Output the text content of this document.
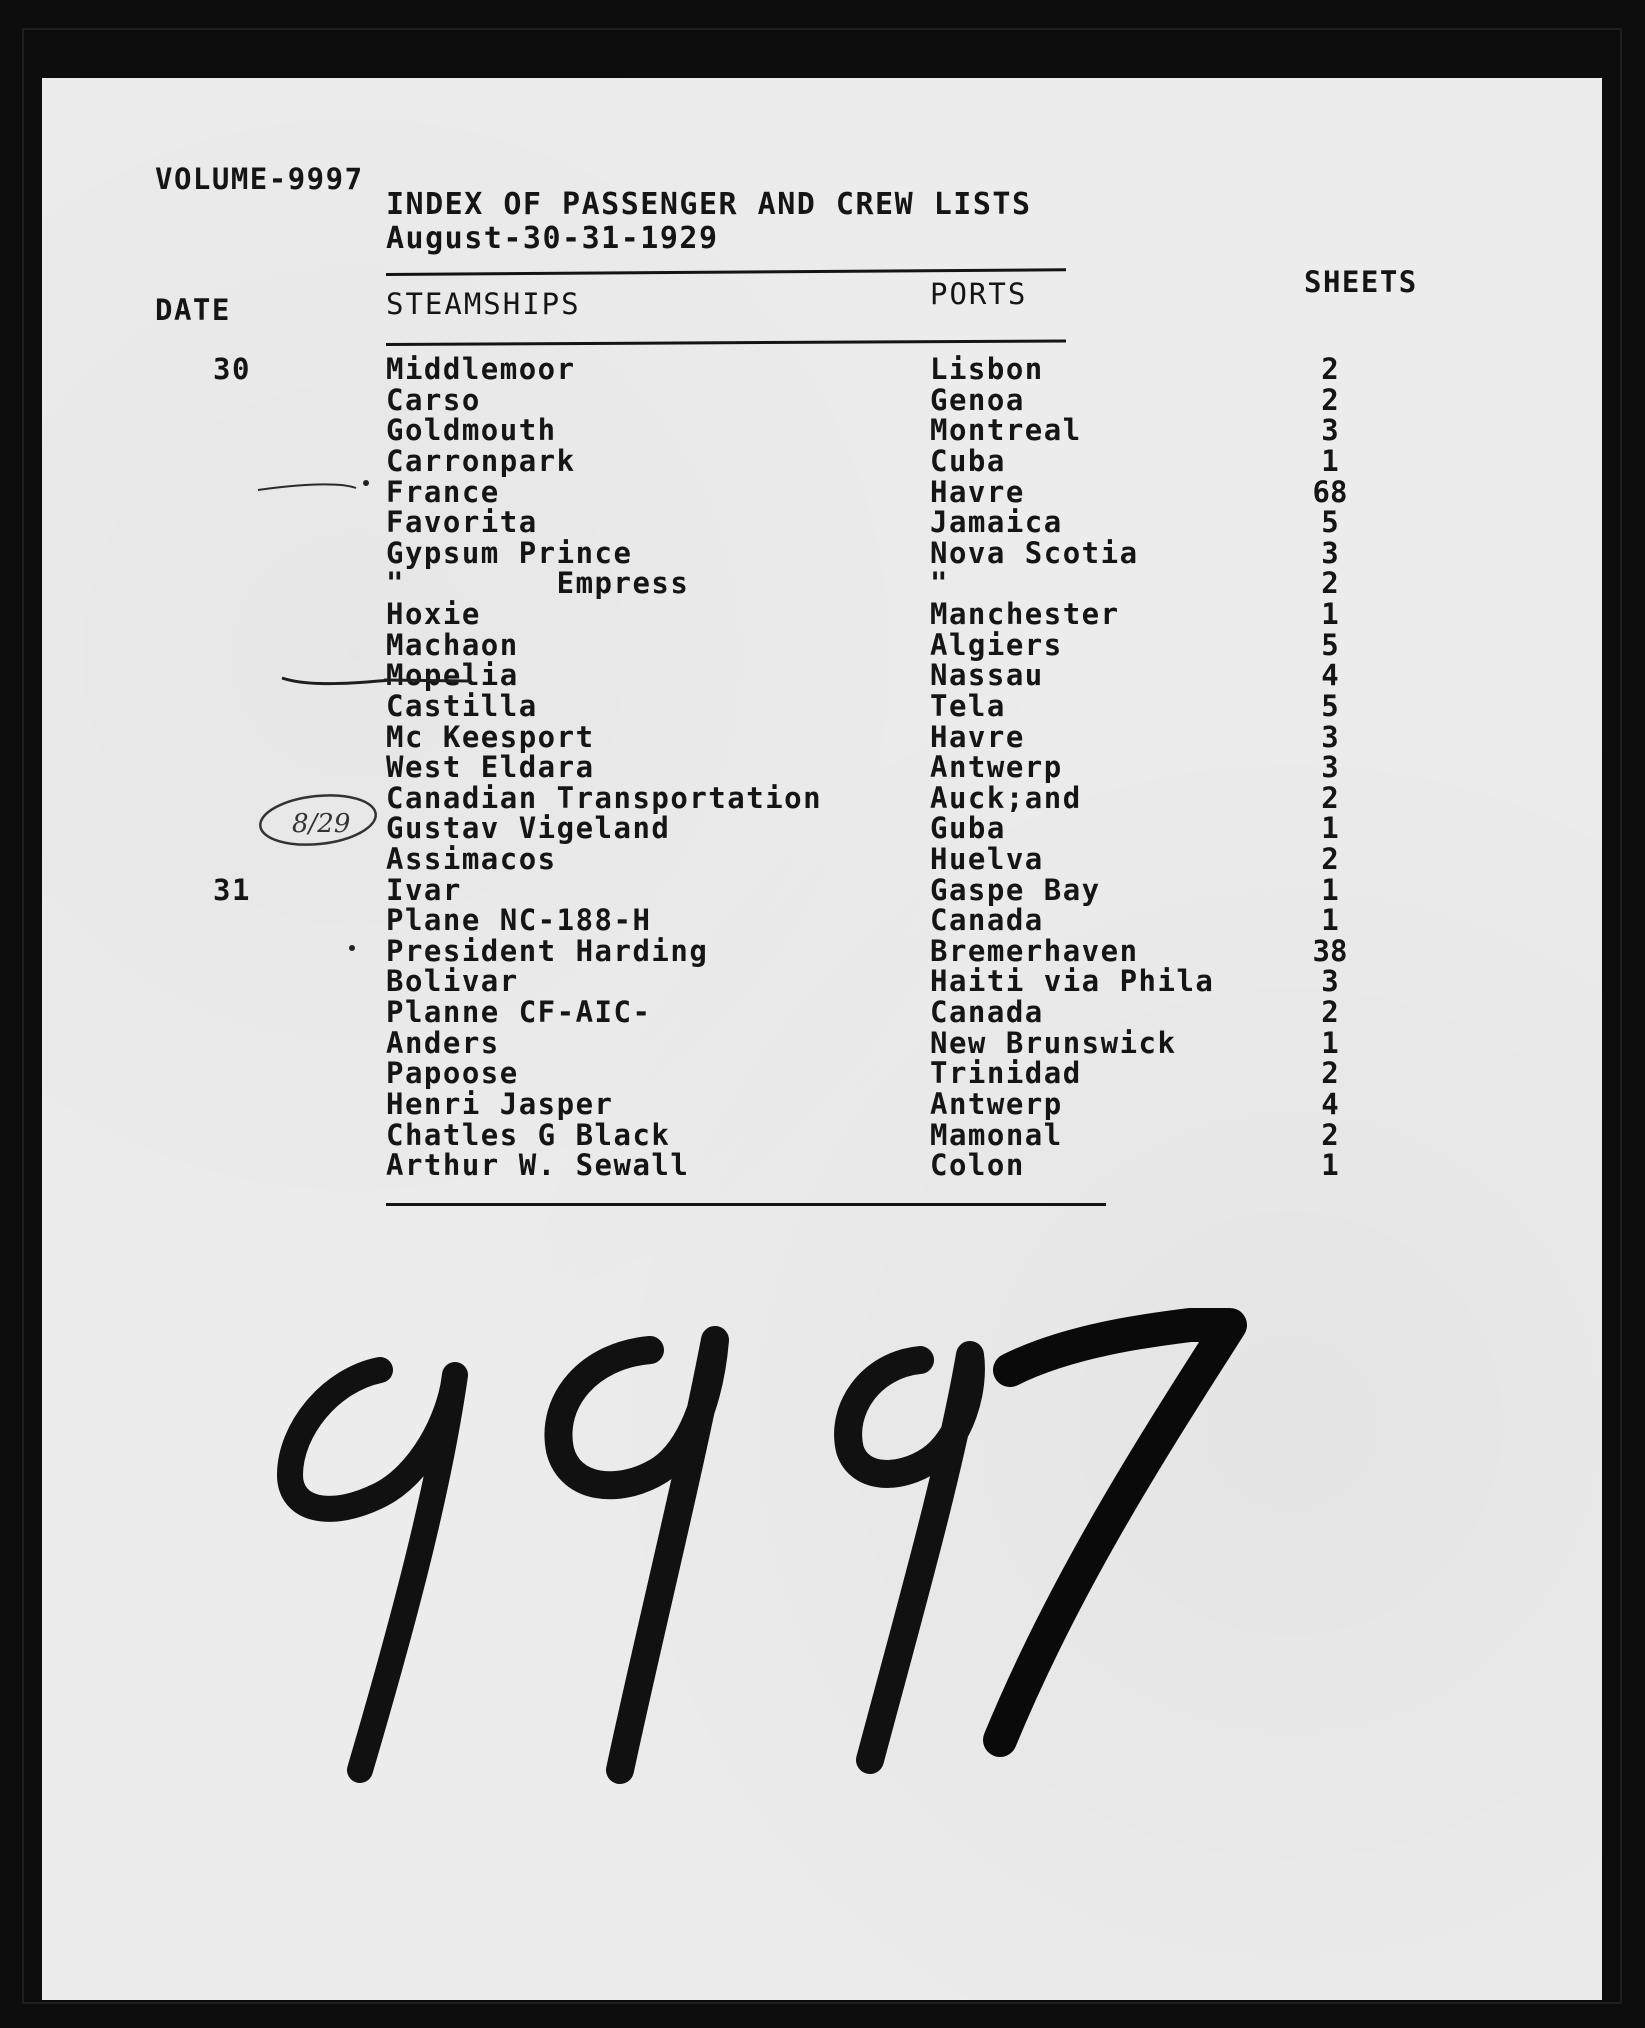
VOLUME-9997
INDEX OF PASSENGER AND CREW LISTS
August-30-31-1929
DATE	STEAMSHIPS	PORTS	SHEETS
30	Middlemoor	Lisbon	2
Carso	Genoa	2
Goldmouth	Montreal	3
Carronpark	Cuba	1
France	Havre	68
Favorita	Jamaica	5
Gypsum Prince	Nova Scotia	3
"        Empress	"	2
Hoxie	Manchester	1
Machaon	Algiers	5
Mopelia	Nassau	4
Castilla	Tela	5
Mc Keesport	Havre	3
West Eldara	Antwerp	3
Canadian Transportation	Auck;and	2
Gustav Vigeland	Guba	1
Assimacos	Huelva	2
31	Ivar	Gaspe Bay	1
Plane NC-188-H	Canada	1
President Harding	Bremerhaven	38
Bolivar	Haiti via Phila	3
Planne CF-AIC-	Canada	2
Anders	New Brunswick	1
Papoose	Trinidad	2
Henri Jasper	Antwerp	4
Chatles G Black	Mamonal	2
Arthur W. Sewall	Colon	1
8/29
